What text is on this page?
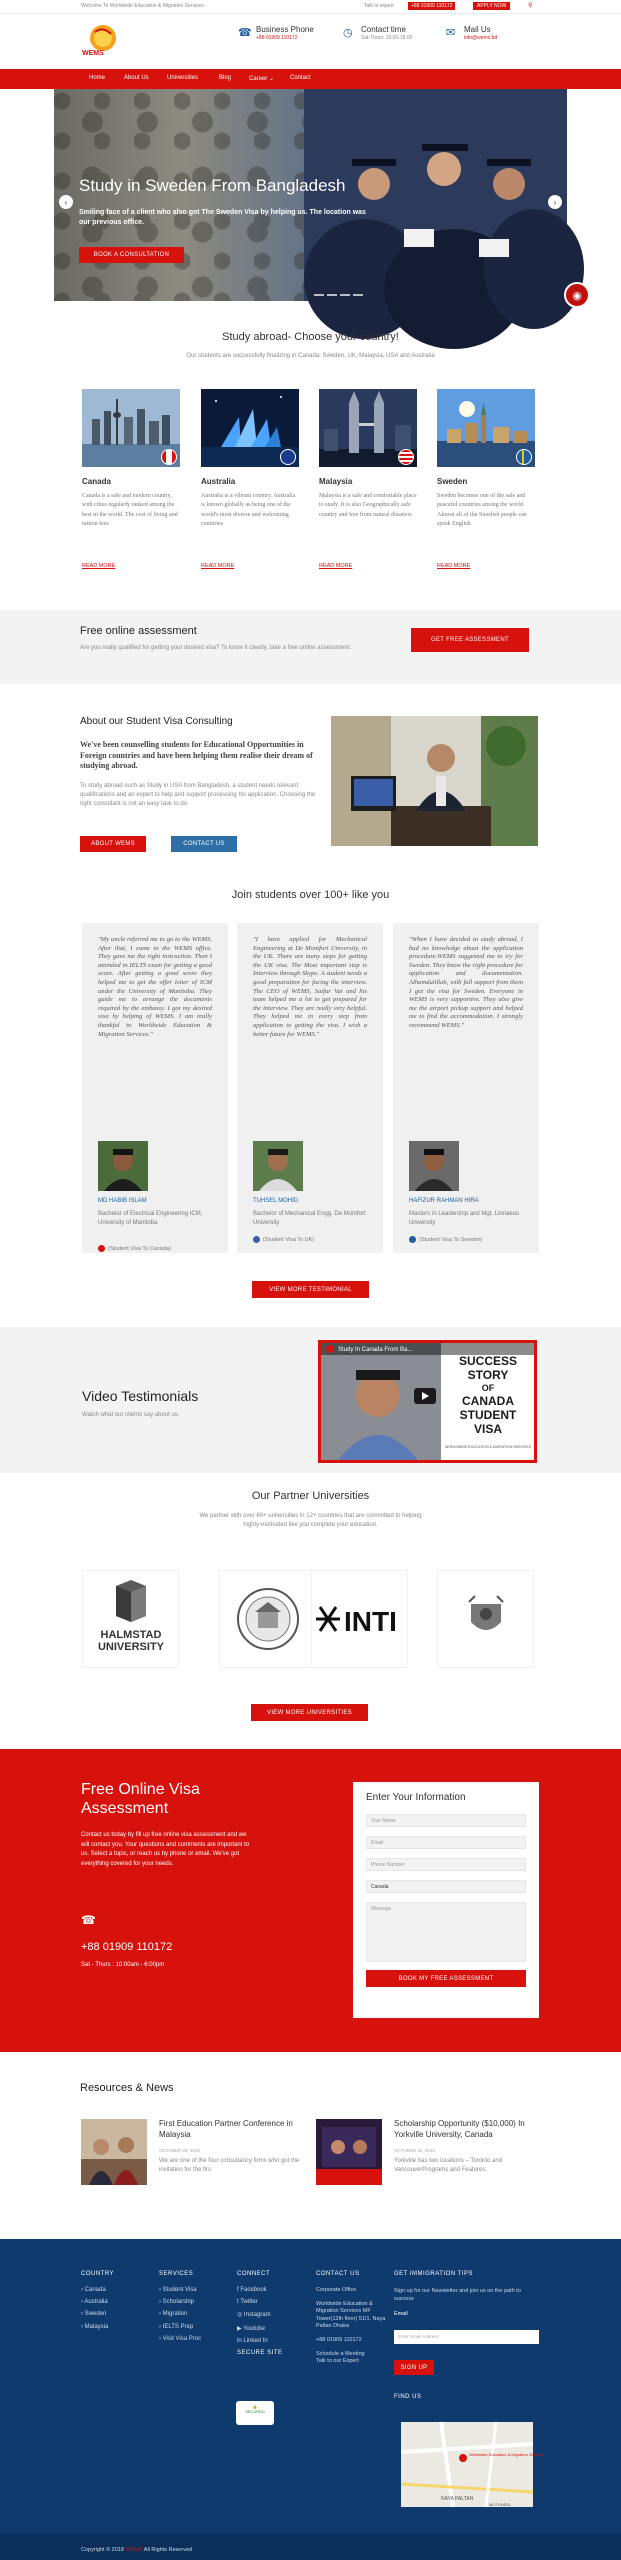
Welcome To Worldwide Education & Migration Services	Talk to expert	+88 01909 110172	APPLY NOW	⚲
WEMS
☎ Business Phone
+88 01909 110172	◷ Contact time
Sat-Thurs: 10:00-18:00	✉	Mail Us
info@wems.bd
Home	About Us	Universities	Blog	Career ⌄	Contact
Study in Sweden From Bangladesh
Smiling face of a client who also got The Sweden Visa by helping us. The location was our previous office.
BOOK A CONSULTATION
‹	›
◉
Study abroad- Choose your country!
Our students are successfully finalizing in Canada, Sweden, UK, Malaysia, USA and Australia
Canada
Canada is a safe and modern country, with cities regularly ranked among the best in the world. The cost of living and tuition fees
READ MORE
Australia
Australia is a vibrant country. Australia is known globally as being one of the world's most diverse and welcoming countries
READ MORE
Malaysia
Malaysia is a safe and comfortable place to study. It is also Geographically safe country and free from natural disasters
READ MORE
Sweden
Sweden becomes one of the safe and peaceful countries among the world. Almost all of the Swedish people can speak English.
READ MORE
Free online assessment
Are you really qualified for getting your desired visa? To know it clearly, take a free online assessment.
GET FREE ASSESSMENT
About our Student Visa Consulting
We've been counselling students for Educational Opportunities in Foreign countries and have been helping them realise their dream of studying abroad.
To study abroad such as Study in USA from Bangladesh, a student needs relevant qualifications and an expert to help and support processing his application. Choosing the right consultant is not an easy task to do
ABOUT WEMS	CONTACT US
Join students over 100+ like you
"My uncle referred me to go to the WEMS. After that, I came to the WEMS office. They gave me the right instruction. Then I attended in IELTS exam for getting a good score. After getting a good score they helped me to get the offer letter of ICM under the University of Manitoba. They guide me to arrange the documents required by the embassy. I got my desired visa by helping of WEMS. I am really thankful to Worldwide Education & Migration Services."
MD HABIB ISLAM
Bachelor of Electrical Engineering ICM, University of Manitoba
(Student Visa To Canada)
"I have applied for Mechanical Engineering at De Montfort University, in the UK. There are many steps for getting the UK visa. The Most important step is Interview through Skype. A student needs a good preparation for facing the interview. The CEO of WEMS, Saifur Vai and his team helped me a lot to get prepared for the interview. They are really very helpful. They helped me in every step from application to getting the visa. I wish a better future for WEMS."
TUHSEL MOHID
Bachelor of Mechanical Engg. De Montfort University
(Student Visa To UK)
"When I have decided to study abroad, I had no knowledge about the application procedure.WEMS suggested me to try for Sweden. They know the right procedure for application and documentation. Alhamdulillah, with full support from them I got the visa for Sweden. Everyone in WEMS is very supportive. They also give me the airport pickup support and helped me to find the accommodation. I strongly recommend WEMS."
HAFIZUR RAHMAN HIRA
Masters in Leadership and Mgt. Linnaeus University
(Student Visa To Sweden)
VIEW MORE TESTIMONIAL
Video Testimonials
Watch what our clients say about us.
Study In Canada From Ba...
SUCCESS
STORY
OF
CANADA
STUDENT
VISA
WORLDWIDE EDUCATION & MIGRATION SERVICES
Our Partner Universities
We partner with over 60+ universities in 12+ countries that are committed to helping highly-motivated like you complete your education.
HALMSTAD
UNIVERSITY
INTI
VIEW MORE UNIVERSITIES
Free Online Visa Assessment
Contact us today by fill up free online visa assessment and we will contact you. Your questions and comments are important to us. Select a topic, or reach us by phone or email. We've got everything covered for your needs.
☎
+88 01909 110172
Sat - Thurs : 10:00am - 6:00pm
Enter Your Information
Your Name
Email
Phone Number
Canada
Message
BOOK MY FREE ASSESSMENT
Resources & News
First Education Partner Conference in Malaysia
OCTOBER 28, 2019
We are one of the four consultancy firms who got the invitation for the firs
Scholarship Opportunity ($10,000) In Yorkville University, Canada
OCTOBER 28, 2019
Yorkville has two locations – Toronto and VancouverPrograms and Features:
COUNTRY
› Canada
› Australia
› Sweden
› Malaysia
SERVICES
› Student Visa
› Scholarship
› Migration
› IELTS Prep
› Visit Visa Proc
CONNECT
f Facebook
t Twitter
◎ Instagram
▶ Youtube
in Linked In
SECURE SITE
🔒
SECURED
CONTACT US
Corporate Office
Worldwide Education & Migration Services MF Tower(12th floor) 51/1, Naya Paltan Dhaka
+88 01909 110172
Schedule a Meeting
Talk to our Expert
GET IMMIGRATION TIPS
Sign up for our Newsletter and join us on the path to success
Email
Enter Email Address
SIGN UP
FIND US
Worldwide Education & Migration Services
NAYA PALTAN
MOTIJHEEL
Copyright © 2018 WEMS All Rights Reserved
